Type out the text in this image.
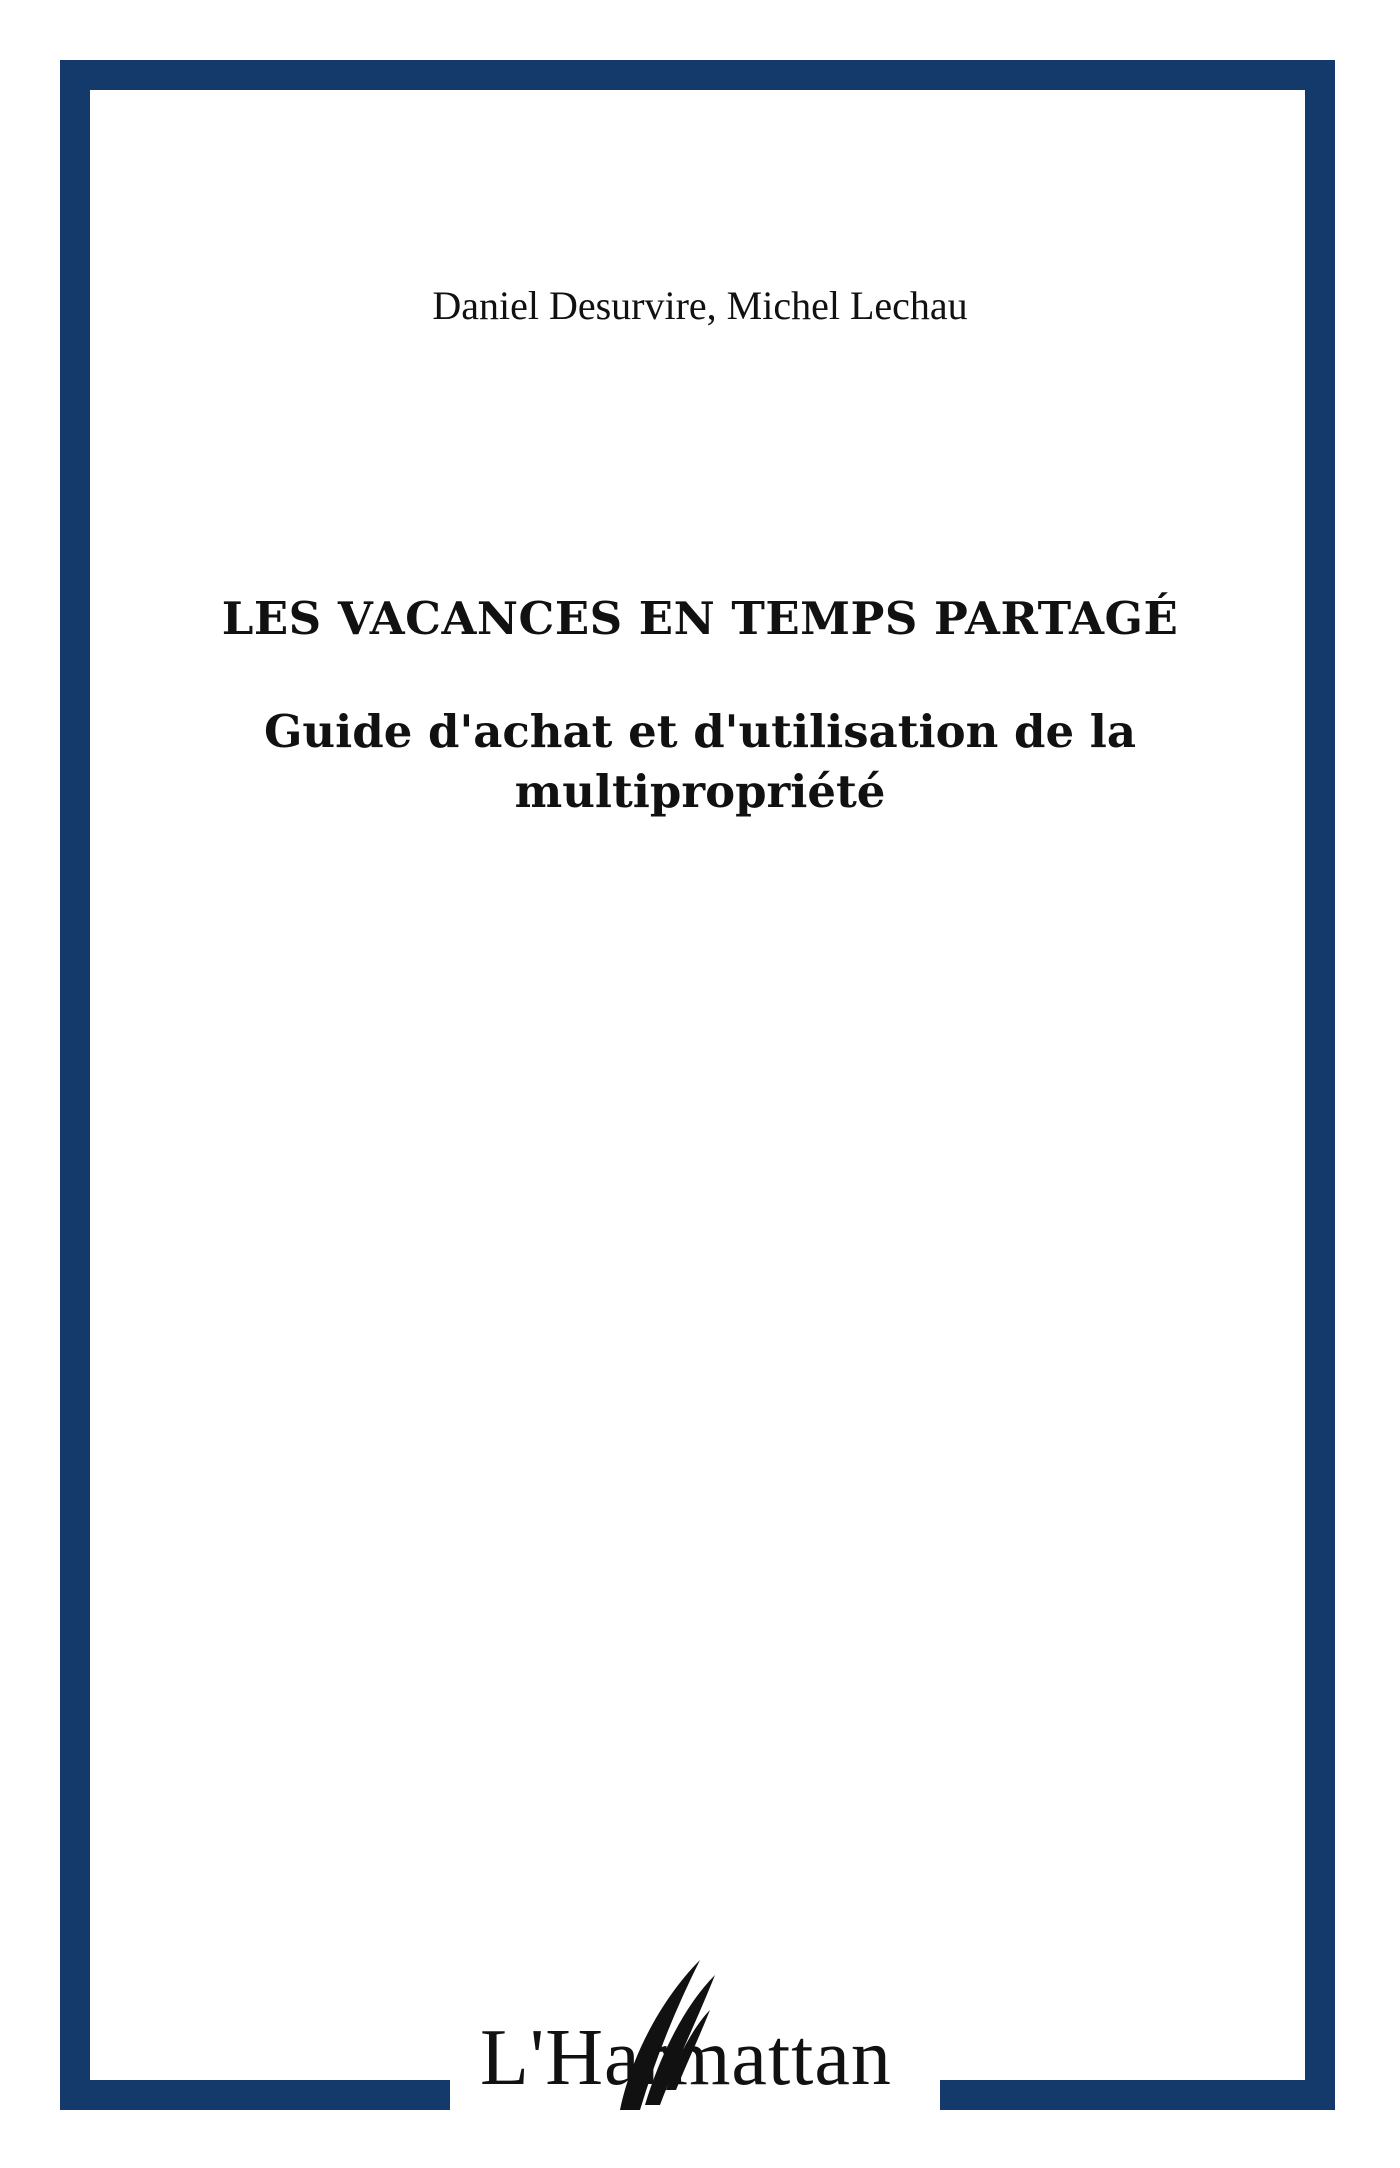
Daniel Desurvire, Michel Lechau
LES VACANCES EN TEMPS PARTAGÉ
Guide d'achat et d'utilisation de la
multipropriété
L'Harmattan
